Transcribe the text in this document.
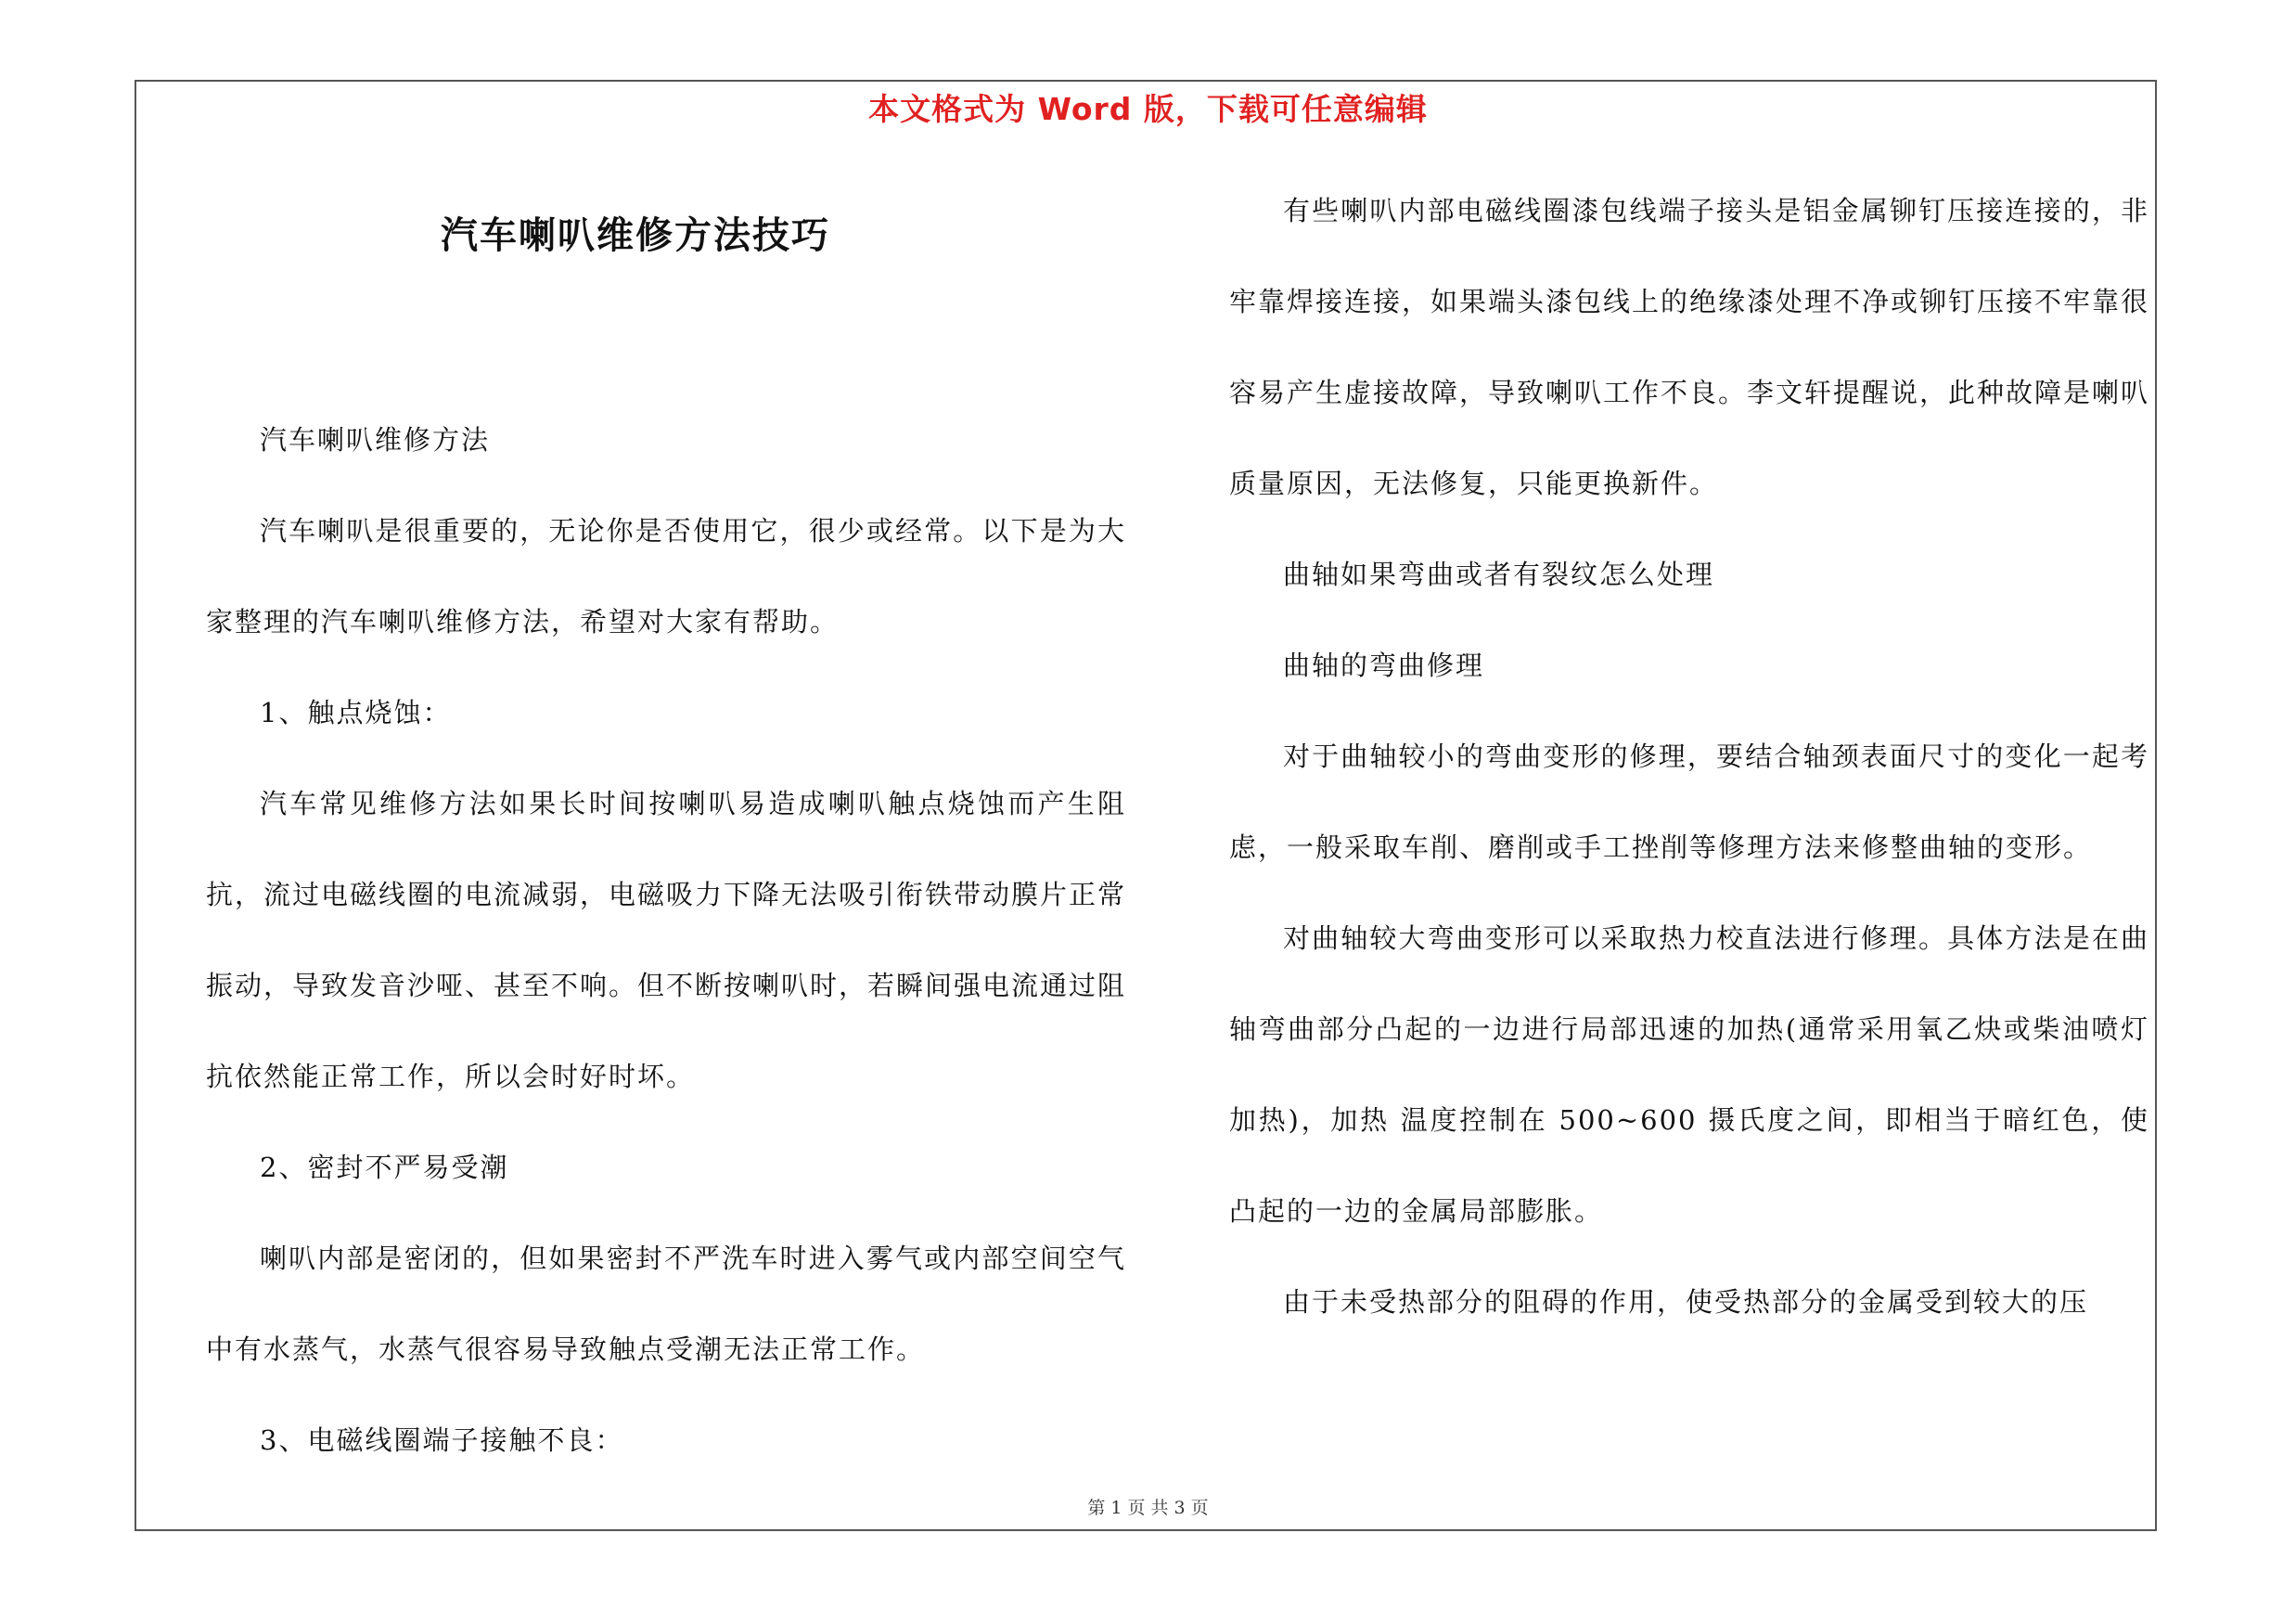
本文格式为 Word 版，下载可任意编辑
汽车喇叭维修方法技巧

汽车喇叭维修方法

汽车喇叭是很重要的，无论你是否使用它，很少或经常。以下是为大家整理的汽车喇叭维修方法，希望对大家有帮助。

1、触点烧蚀：

汽车常见维修方法如果长时间按喇叭易造成喇叭触点烧蚀而产生阻抗，流过电磁线圈的电流减弱，电磁吸力下降无法吸引衔铁带动膜片正常振动，导致发音沙哑、甚至不响。但不断按喇叭时，若瞬间强电流通过阻抗依然能正常工作，所以会时好时坏。

2、密封不严易受潮

喇叭内部是密闭的，但如果密封不严洗车时进入雾气或内部空间空气中有水蒸气，水蒸气很容易导致触点受潮无法正常工作。

3、电磁线圈端子接触不良：

有些喇叭内部电磁线圈漆包线端子接头是铝金属铆钉压接连接的，非牢靠焊接连接，如果端头漆包线上的绝缘漆处理不净或铆钉压接不牢靠很容易产生虚接故障，导致喇叭工作不良。李文轩提醒说，此种故障是喇叭质量原因，无法修复，只能更换新件。

曲轴如果弯曲或者有裂纹怎么处理

曲轴的弯曲修理

对于曲轴较小的弯曲变形的修理，要结合轴颈表面尺寸的变化一起考虑，一般采取车削、磨削或手工挫削等修理方法来修整曲轴的变形。

对曲轴较大弯曲变形可以采取热力校直法进行修理。具体方法是在曲轴弯曲部分凸起的一边进行局部迅速的加热(通常采用氧乙炔或柴油喷灯加热)，加热 温度控制在 500~600 摄氏度之间，即相当于暗红色，使凸起的一边的金属局部膨胀。

由于未受热部分的阻碍的作用，使受热部分的金属受到较大的压

第 1 页 共 3 页
